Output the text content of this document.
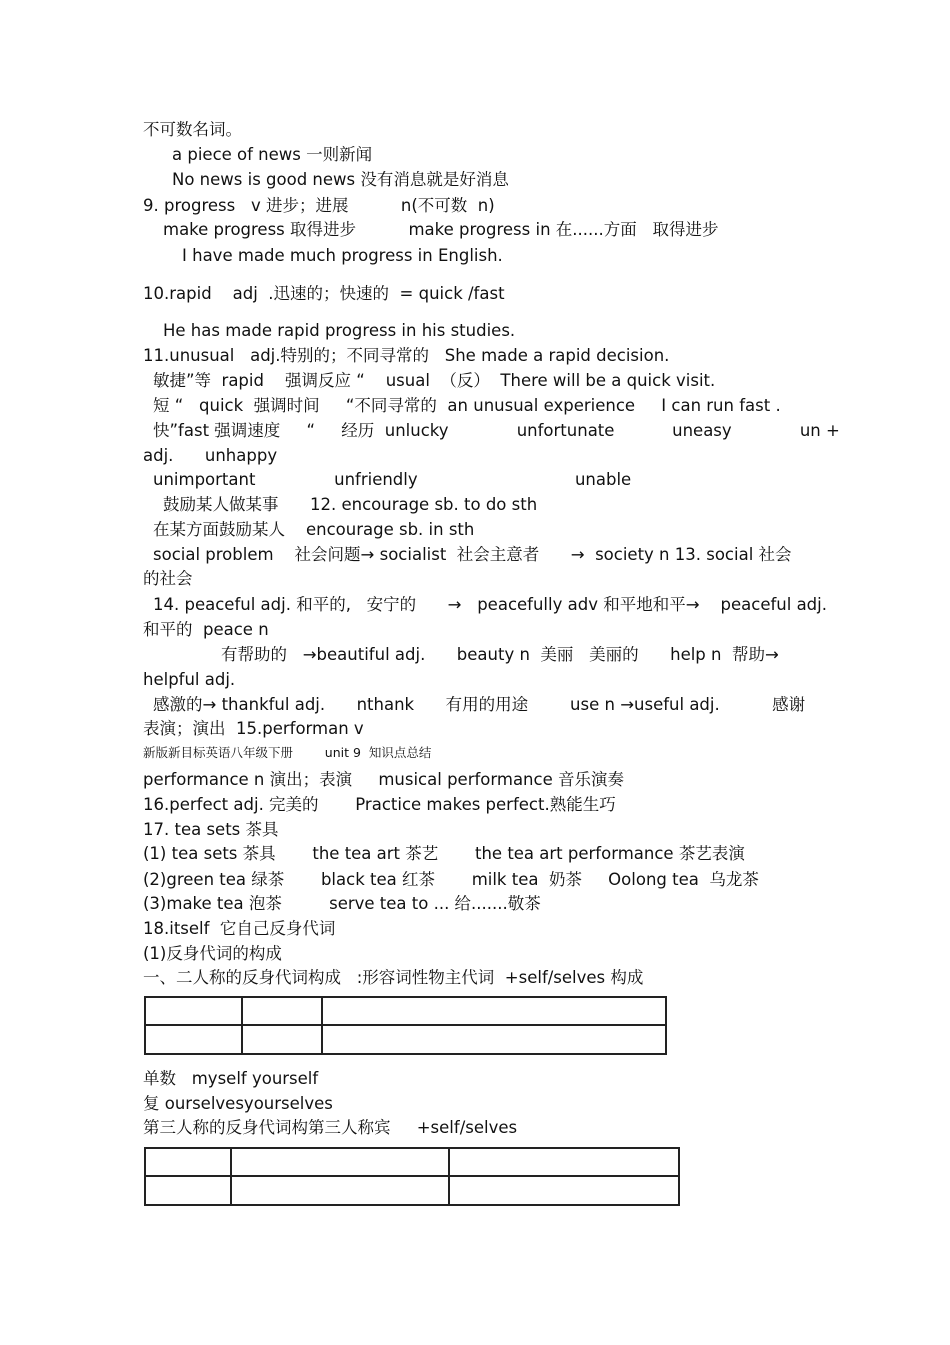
不可数名词。
a piece of news 一则新闻
No news is good news 没有消息就是好消息
9. progress   v 进步；进展          n(不可数  n)
make progress 取得进步          make progress in 在......方面   取得进步
I have made much progress in English.
10.rapid    adj  .迅速的；快速的  = quick /fast
He has made rapid progress in his studies.
11.unusual   adj.特别的；不同寻常的   She made a rapid decision.
敏捷”等  rapid    强调反应 “    usual  （反）  There will be a quick visit.
短 “   quick  强调时间     “不同寻常的  an unusual experience     I can run fast .
快”fast 强调速度     “     经历  unlucky             unfortunate           uneasy             un +
adj.      unhappy
unimportant               unfriendly                              unable
鼓励某人做某事      12. encourage sb. to do sth
在某方面鼓励某人    encourage sb. in sth
social problem    社会问题→ socialist  社会主意者      →  society n 13. social 社会
的社会
14. peaceful adj. 和平的,   安宁的      →   peacefully adv 和平地和平→    peaceful adj.
和平的  peace n
有帮助的   →beautiful adj.      beauty n  美丽   美丽的      help n  帮助→
helpful adj.
感激的→ thankful adj.      nthank      有用的用途        use n →useful adj.          感谢
表演；演出  15.performan v
新版新目标英语八年级下册        unit 9  知识点总结
performance n 演出；表演     musical performance 音乐演奏
16.perfect adj. 完美的       Practice makes perfect.熟能生巧
17. tea sets 茶具
(1) tea sets 茶具       the tea art 茶艺       the tea art performance 茶艺表演
(2)green tea 绿茶       black tea 红茶       milk tea  奶茶     Oolong tea  乌龙茶
(3)make tea 泡茶         serve tea to ... 给.......敬茶
18.itself  它自己反身代词
(1)反身代词的构成
一、二人称的反身代词构成   :形容词性物主代词  +self/selves 构成

单数   myself yourself
复 ourselvesyourselves
第三人称的反身代词构第三人称宾     +self/selves
